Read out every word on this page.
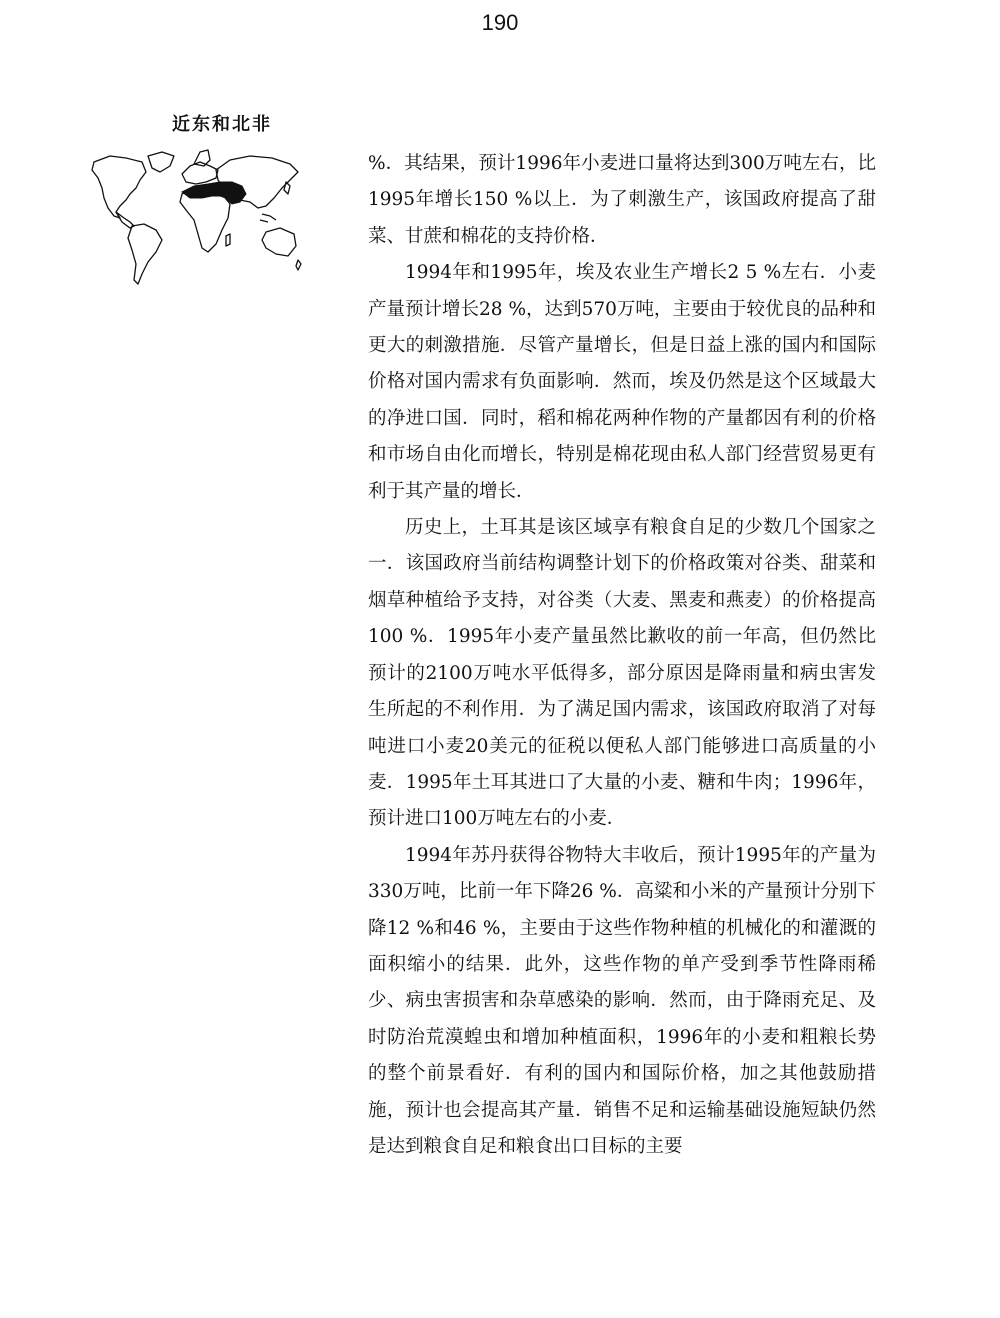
190
近东和北非

%．其结果，预计1996年小麦进口量将达到300万吨左右，比1995年增长150 %以上．为了刺激生产，该国政府提高了甜菜、甘蔗和棉花的支持价格．

1994年和1995年，埃及农业生产增长2 5 %左右．小麦产量预计增长28 %，达到570万吨，主要由于较优良的品种和更大的刺激措施．尽管产量增长，但是日益上涨的国内和国际价格对国内需求有负面影响．然而，埃及仍然是这个区域最大的净进口国．同时，稻和棉花两种作物的产量都因有利的价格和市场自由化而增长，特别是棉花现由私人部门经营贸易更有利于其产量的增长．

历史上，土耳其是该区域享有粮食自足的少数几个国家之一．该国政府当前结构调整计划下的价格政策对谷类、甜菜和烟草种植给予支持，对谷类（大麦、黑麦和燕麦）的价格提高100 %．1995年小麦产量虽然比歉收的前一年高，但仍然比预计的2100万吨水平低得多，部分原因是降雨量和病虫害发生所起的不利作用．为了满足国内需求，该国政府取消了对每吨进口小麦20美元的征税以便私人部门能够进口高质量的小麦．1995年土耳其进口了大量的小麦、糖和牛肉；1996年，预计进口100万吨左右的小麦．

1994年苏丹获得谷物特大丰收后，预计1995年的产量为330万吨，比前一年下降26 %．高粱和小米的产量预计分别下降12 %和46 %，主要由于这些作物种植的机械化的和灌溉的面积缩小的结果．此外，这些作物的单产受到季节性降雨稀少、病虫害损害和杂草感染的影响．然而，由于降雨充足、及时防治荒漠蝗虫和增加种植面积，1996年的小麦和粗粮长势的整个前景看好．有利的国内和国际价格，加之其他鼓励措施，预计也会提高其产量．销售不足和运输基础设施短缺仍然是达到粮食自足和粮食出口目标的主要
